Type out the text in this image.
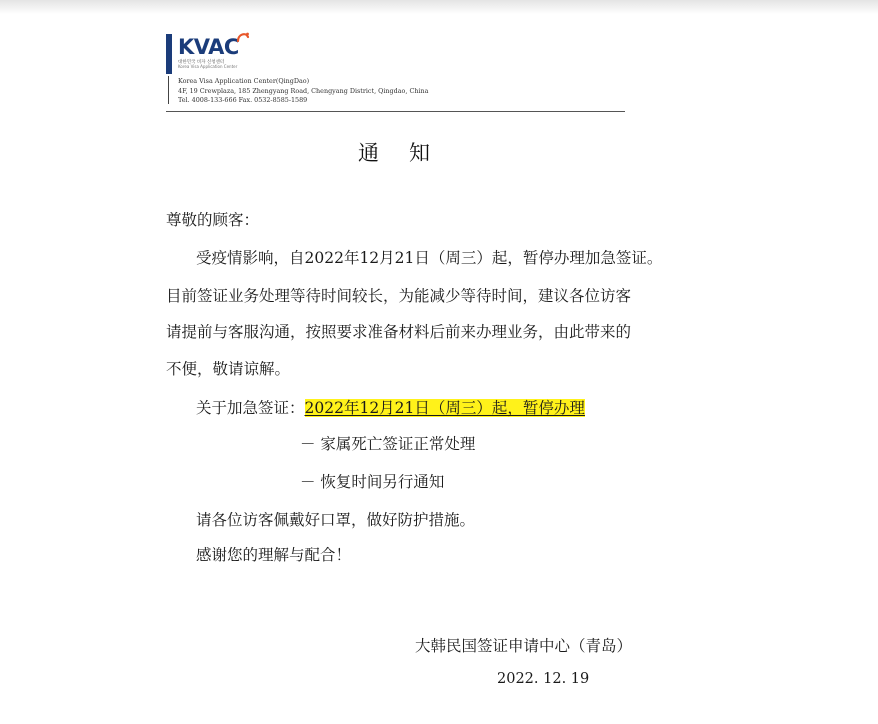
KVAC
대한민국 비자 신청센터
Korea Visa Application Center
Korea Visa Application Center(QingDao)
4F, 19 Crewplaza, 185 Zhengyang Road, Chengyang District, Qingdao, China
Tel. 4008-133-666 Fax. 0532-8585-1589
通知
尊敬的顾客：
受疫情影响，自2022年12月21日（周三）起，暂停办理加急签证。
目前签证业务处理等待时间较长，为能减少等待时间，建议各位访客
请提前与客服沟通，按照要求准备材料后前来办理业务，由此带来的
不便，敬请谅解。
关于加急签证：2022年12月21日（周三）起，暂停办理
－ 家属死亡签证正常处理
－ 恢复时间另行通知
请各位访客佩戴好口罩，做好防护措施。
感谢您的理解与配合！
大韩民国签证申请中心（青岛）
2022. 12. 19
